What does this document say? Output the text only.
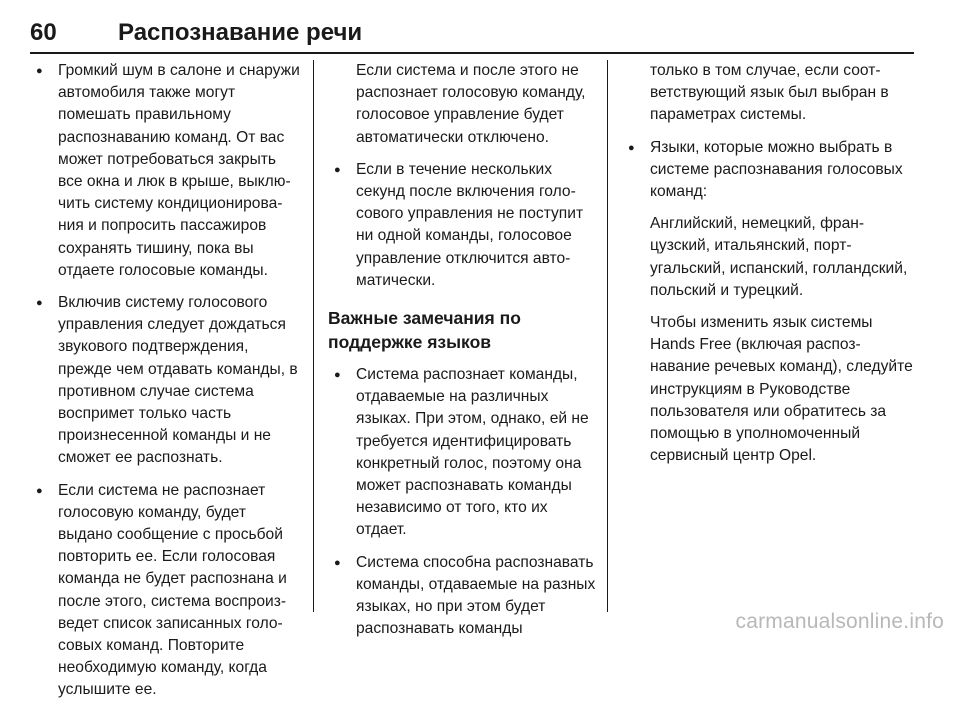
60	Распознавание речи
● Громкий шум в салоне и снаружи автомобиля также могут помешать правильному распознаванию команд. От вас может потребоваться закрыть все окна и люк в крыше, выключить систему кондиционирования и попросить пассажиров сохранять тишину, пока вы отдаете голосовые команды.
● Включив систему голосового управления следует дождаться звукового подтверждения, прежде чем отдавать команды, в противном случае система воспримет только часть произнесенной команды и не сможет ее распознать.
● Если система не распознает голосовую команду, будет выдано сообщение с просьбой повторить ее. Если голосовая команда не будет распознана и после этого, система воспроизведет список записанных голосовых команд. Повторите необходимую команду, когда услышите ее.
Если система и после этого не распознает голосовую команду, голосовое управление будет автоматически отключено.
● Если в течение нескольких секунд после включения голосового управления не поступит ни одной команды, голосовое управление отключится автоматически.
Важные замечания по поддержке языков
● Система распознает команды, отдаваемые на различных языках. При этом, однако, ей не требуется идентифицировать конкретный голос, поэтому она может распознавать команды независимо от того, кто их отдает.
● Система способна распознавать команды, отдаваемые на разных языках, но при этом будет распознавать команды
только в том случае, если соответствующий язык был выбран в параметрах системы.
● Языки, которые можно выбрать в системе распознавания голосовых команд:
Английский, немецкий, французский, итальянский, португальский, испанский, голландский, польский и турецкий.
Чтобы изменить язык системы Hands Free (включая распознавание речевых команд), следуйте инструкциям в Руководстве пользователя или обратитесь за помощью в уполномоченный сервисный центр Opel.
carmanualsonline.info
